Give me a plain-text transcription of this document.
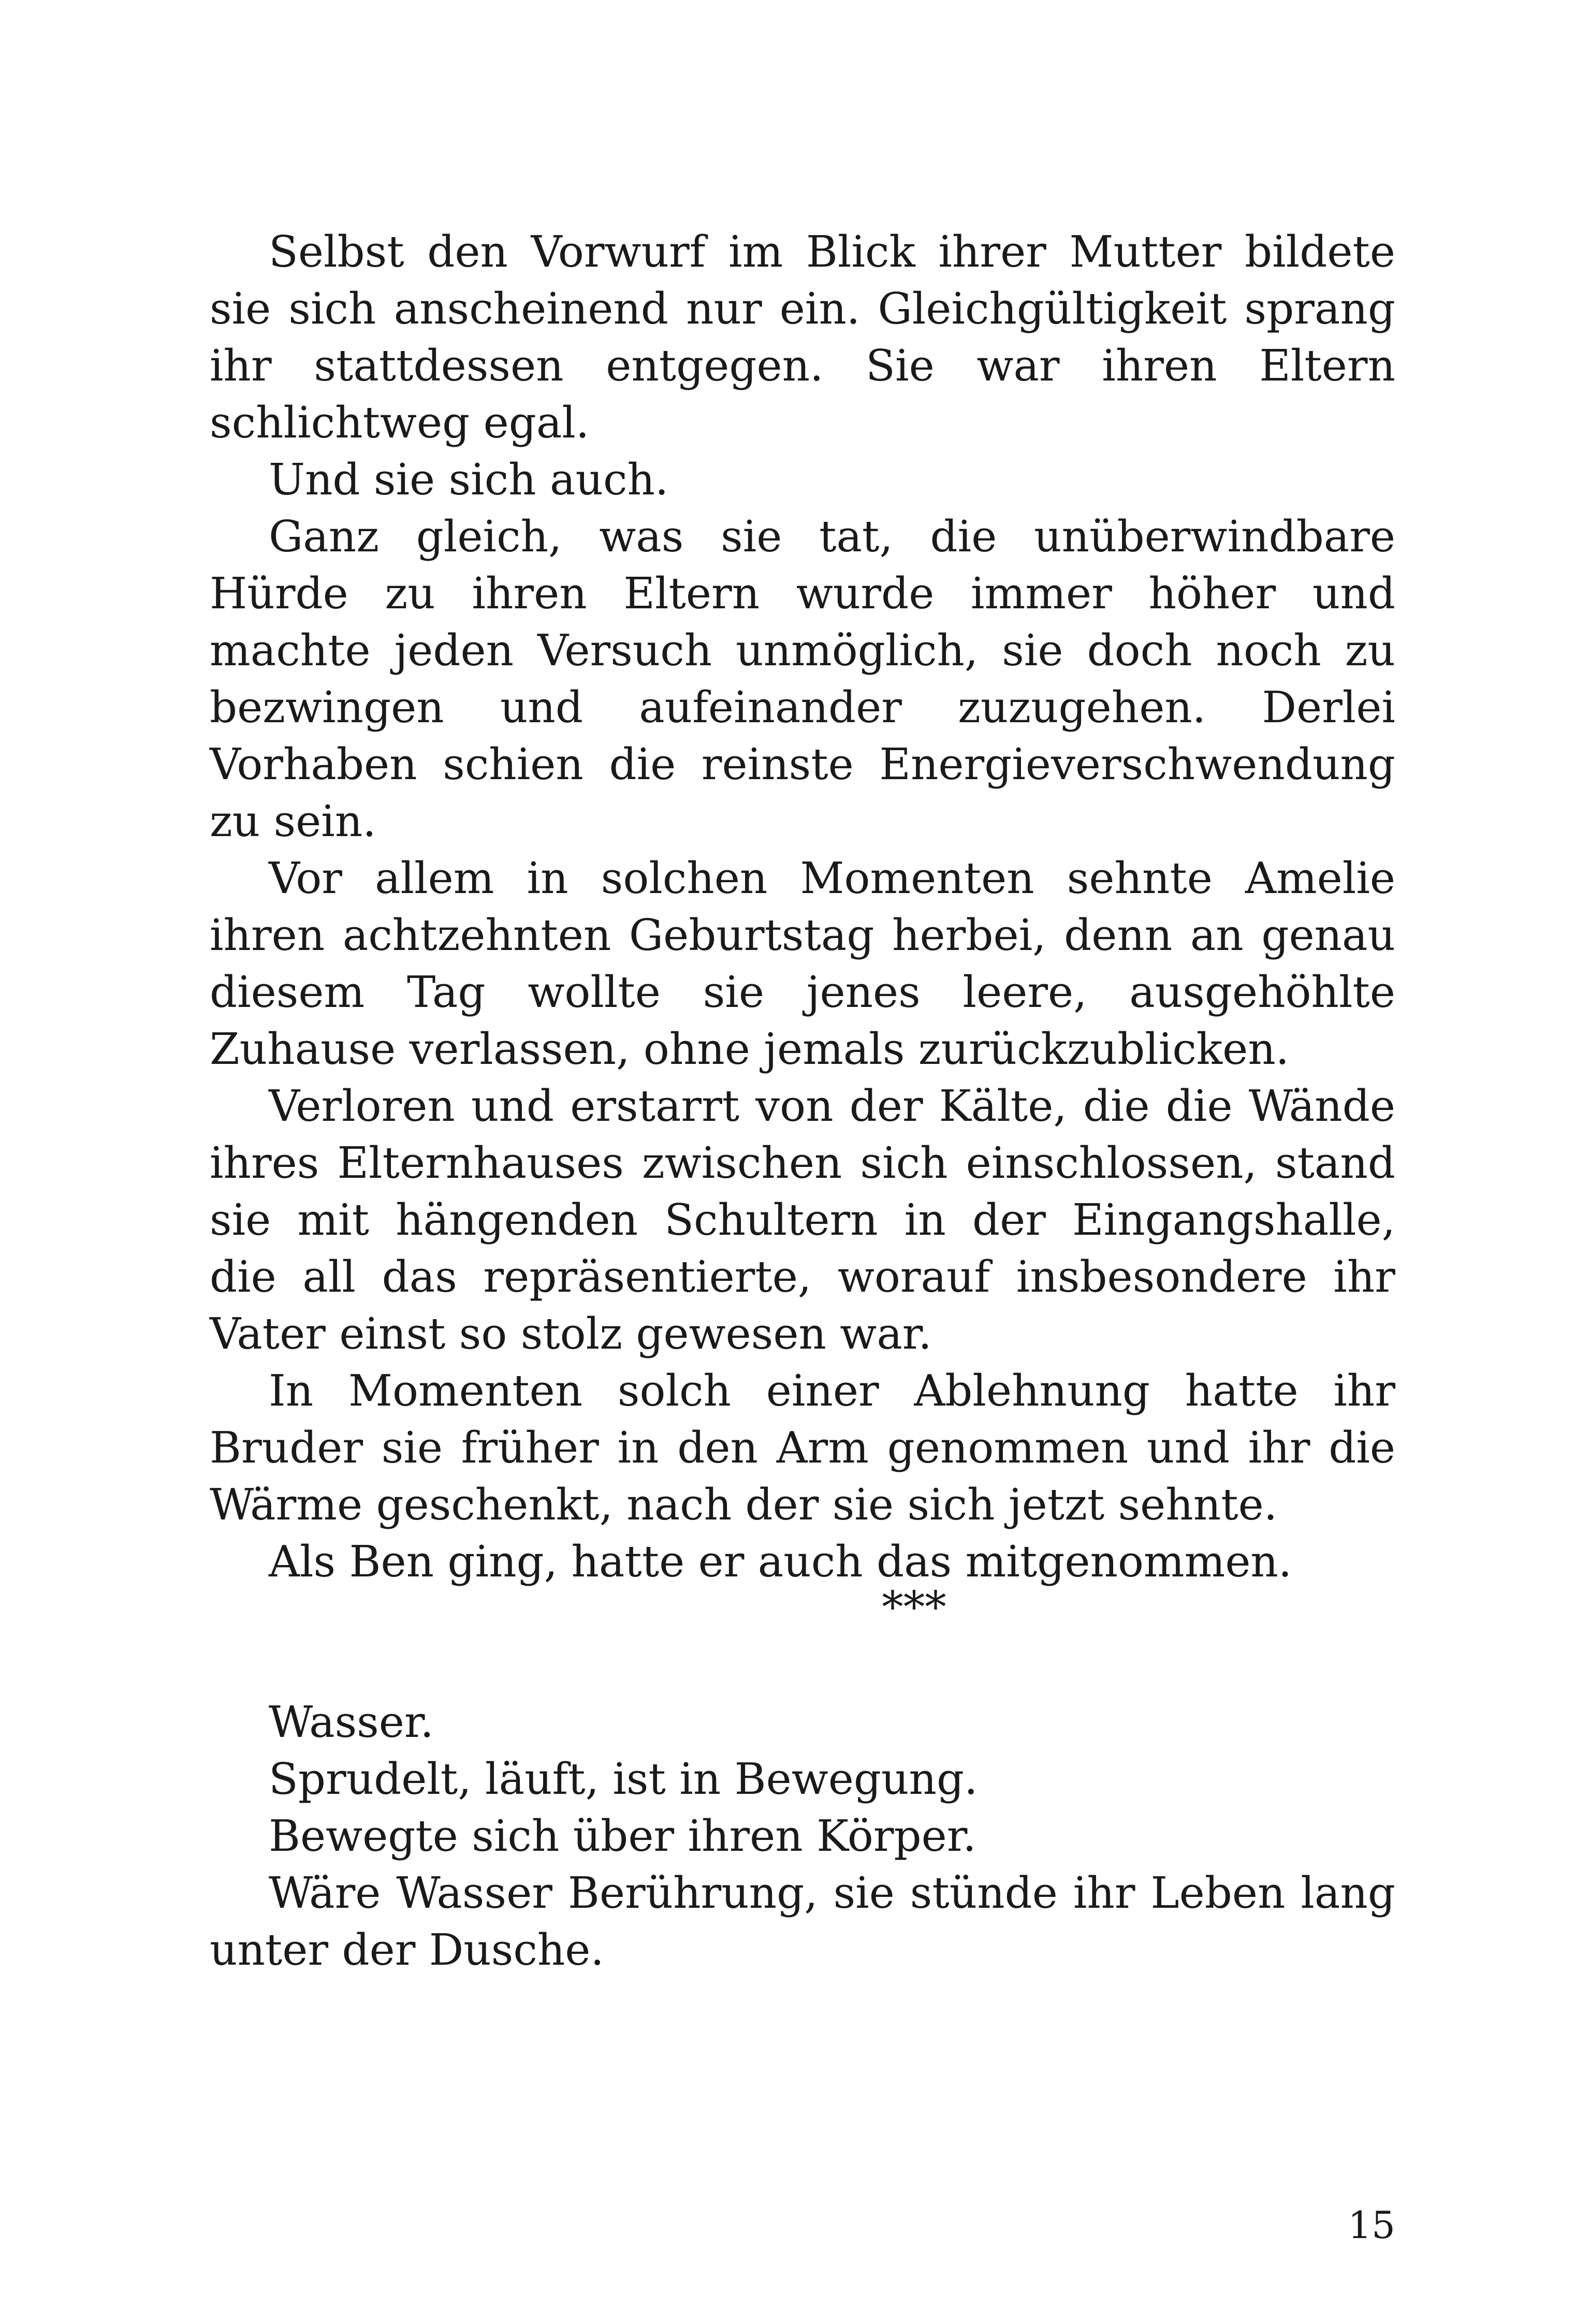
Selbst den Vorwurf im Blick ihrer Mutter bildete sie sich anscheinend nur ein. Gleichgültigkeit sprang ihr stattdessen entgegen. Sie war ihren Eltern schlichtweg egal.

Und sie sich auch.

Ganz gleich, was sie tat, die unüberwindbare Hürde zu ihren Eltern wurde immer höher und machte jeden Versuch unmöglich, sie doch noch zu bezwingen und aufeinander zuzugehen. Derlei Vorhaben schien die reinste Energieverschwendung zu sein.

Vor allem in solchen Momenten sehnte Amelie ihren achtzehnten Geburtstag herbei, denn an genau diesem Tag wollte sie jenes leere, ausgehöhlte Zuhause verlassen, ohne jemals zurückzublicken.

Verloren und erstarrt von der Kälte, die die Wände ihres Elternhauses zwischen sich einschlossen, stand sie mit hängenden Schultern in der Eingangshalle, die all das repräsentierte, worauf insbesondere ihr Vater einst so stolz gewesen war.

In Momenten solch einer Ablehnung hatte ihr Bruder sie früher in den Arm genommen und ihr die Wärme geschenkt, nach der sie sich jetzt sehnte.

Als Ben ging, hatte er auch das mitgenommen.

***

Wasser.

Sprudelt, läuft, ist in Bewegung.

Bewegte sich über ihren Körper.

Wäre Wasser Berührung, sie stünde ihr Leben lang unter der Dusche.

15
